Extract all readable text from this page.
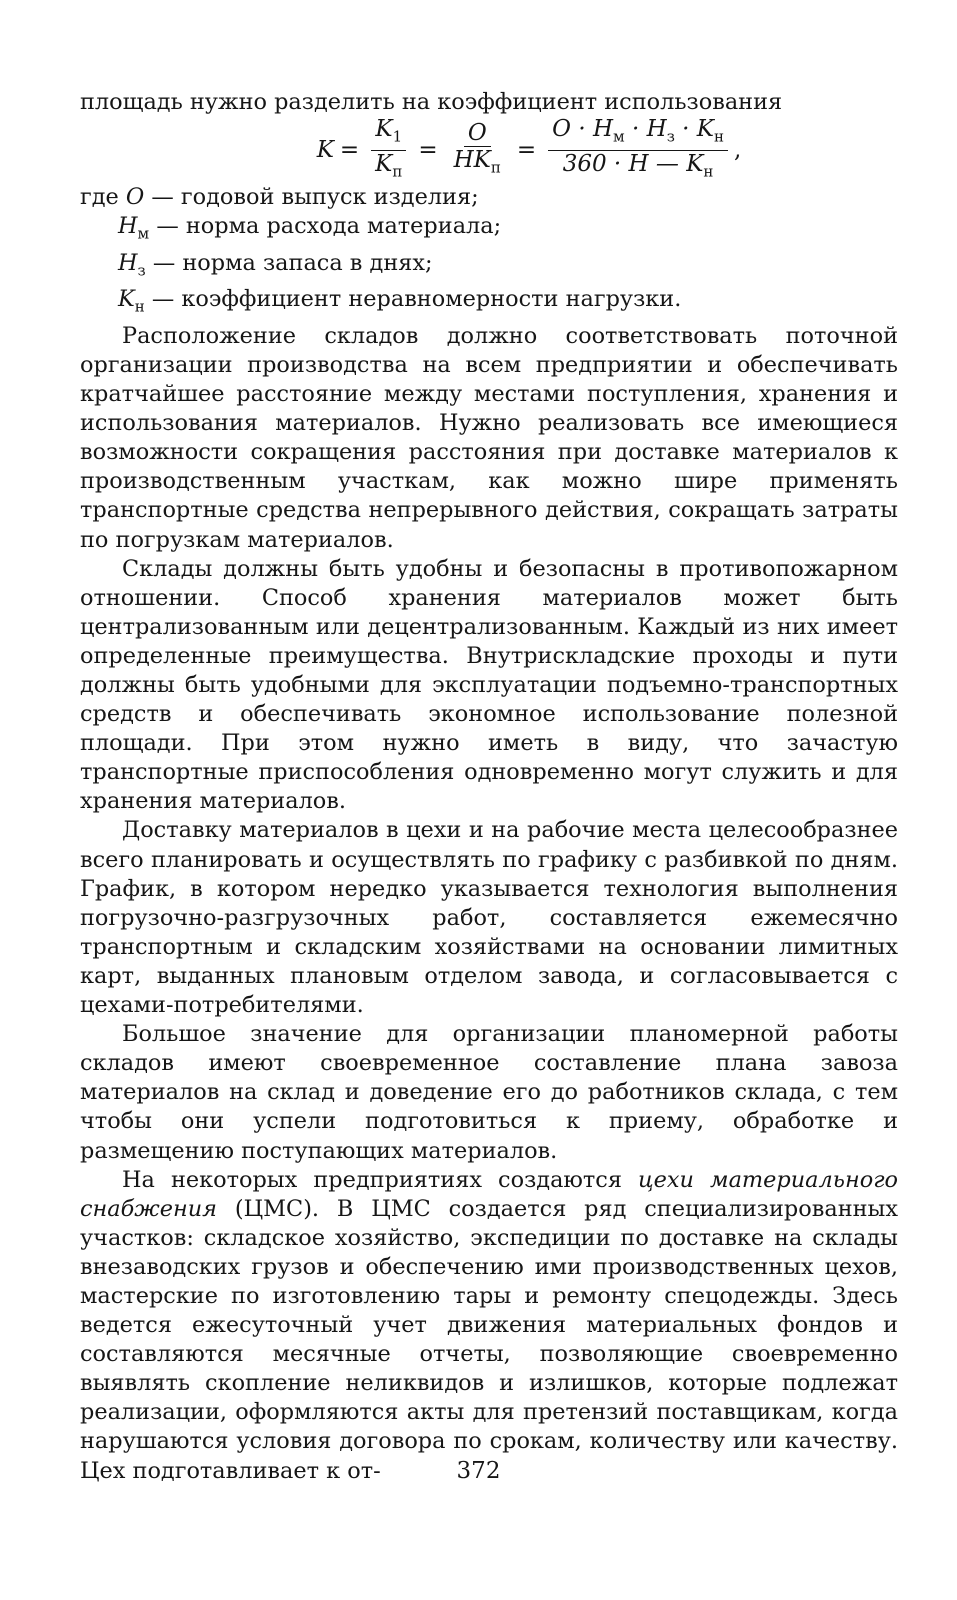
площадь нужно разделить на коэффициент использования

$K = \frac{K_1}{K_п} = \frac{O}{HK_п} = \frac{O \cdot H_м \cdot H_з \cdot K_н}{360 \cdot H — K_н}$ ,

где O — годовой выпуск изделия;

$H_м$ — норма расхода материала;

$H_з$ — норма запаса в днях;

$K_н$ — коэффициент неравномерности нагрузки.

Расположение складов должно соответствовать поточной организации производства на всем предприятии и обеспечивать кратчайшее расстояние между местами поступления, хранения и использования материалов. Нужно реализовать все имеющиеся возможности сокращения расстояния при доставке материалов к производственным участкам, как можно шире применять транспортные средства непрерывного действия, сокращать затраты по погрузкам материалов.

Склады должны быть удобны и безопасны в противопожарном отношении. Способ хранения материалов может быть централизованным или децентрализованным. Каждый из них имеет определенные преимущества. Внутрискладские проходы и пути должны быть удобными для эксплуатации подъемно-транспортных средств и обеспечивать экономное использование полезной площади. При этом нужно иметь в виду, что зачастую транспортные приспособления одновременно могут служить и для хранения материалов.

Доставку материалов в цехи и на рабочие места целесообразнее всего планировать и осуществлять по графику с разбивкой по дням. График, в котором нередко указывается технология выполнения погрузочно-разгрузочных работ, составляется ежемесячно транспортным и складским хозяйствами на основании лимитных карт, выданных плановым отделом завода, и согласовывается с цехами-потребителями.

Большое значение для организации планомерной работы складов имеют своевременное составление плана завоза материалов на склад и доведение его до работников склада, с тем чтобы они успели подготовиться к приему, обработке и размещению поступающих материалов.

На некоторых предприятиях создаются цехи материального снабжения (ЦМС). В ЦМС создается ряд специализированных участков: складское хозяйство, экспедиции по доставке на склады внезаводских грузов и обеспечению ими производственных цехов, мастерские по изготовлению тары и ремонту спецодежды. Здесь ведется ежесуточный учет движения материальных фондов и составляются месячные отчеты, позволяющие своевременно выявлять скопление неликвидов и излишков, которые подлежат реализации, оформляются акты для претензий поставщикам, когда нарушаются условия договора по срокам, количеству или качеству. Цех подготавливает к от-	372
